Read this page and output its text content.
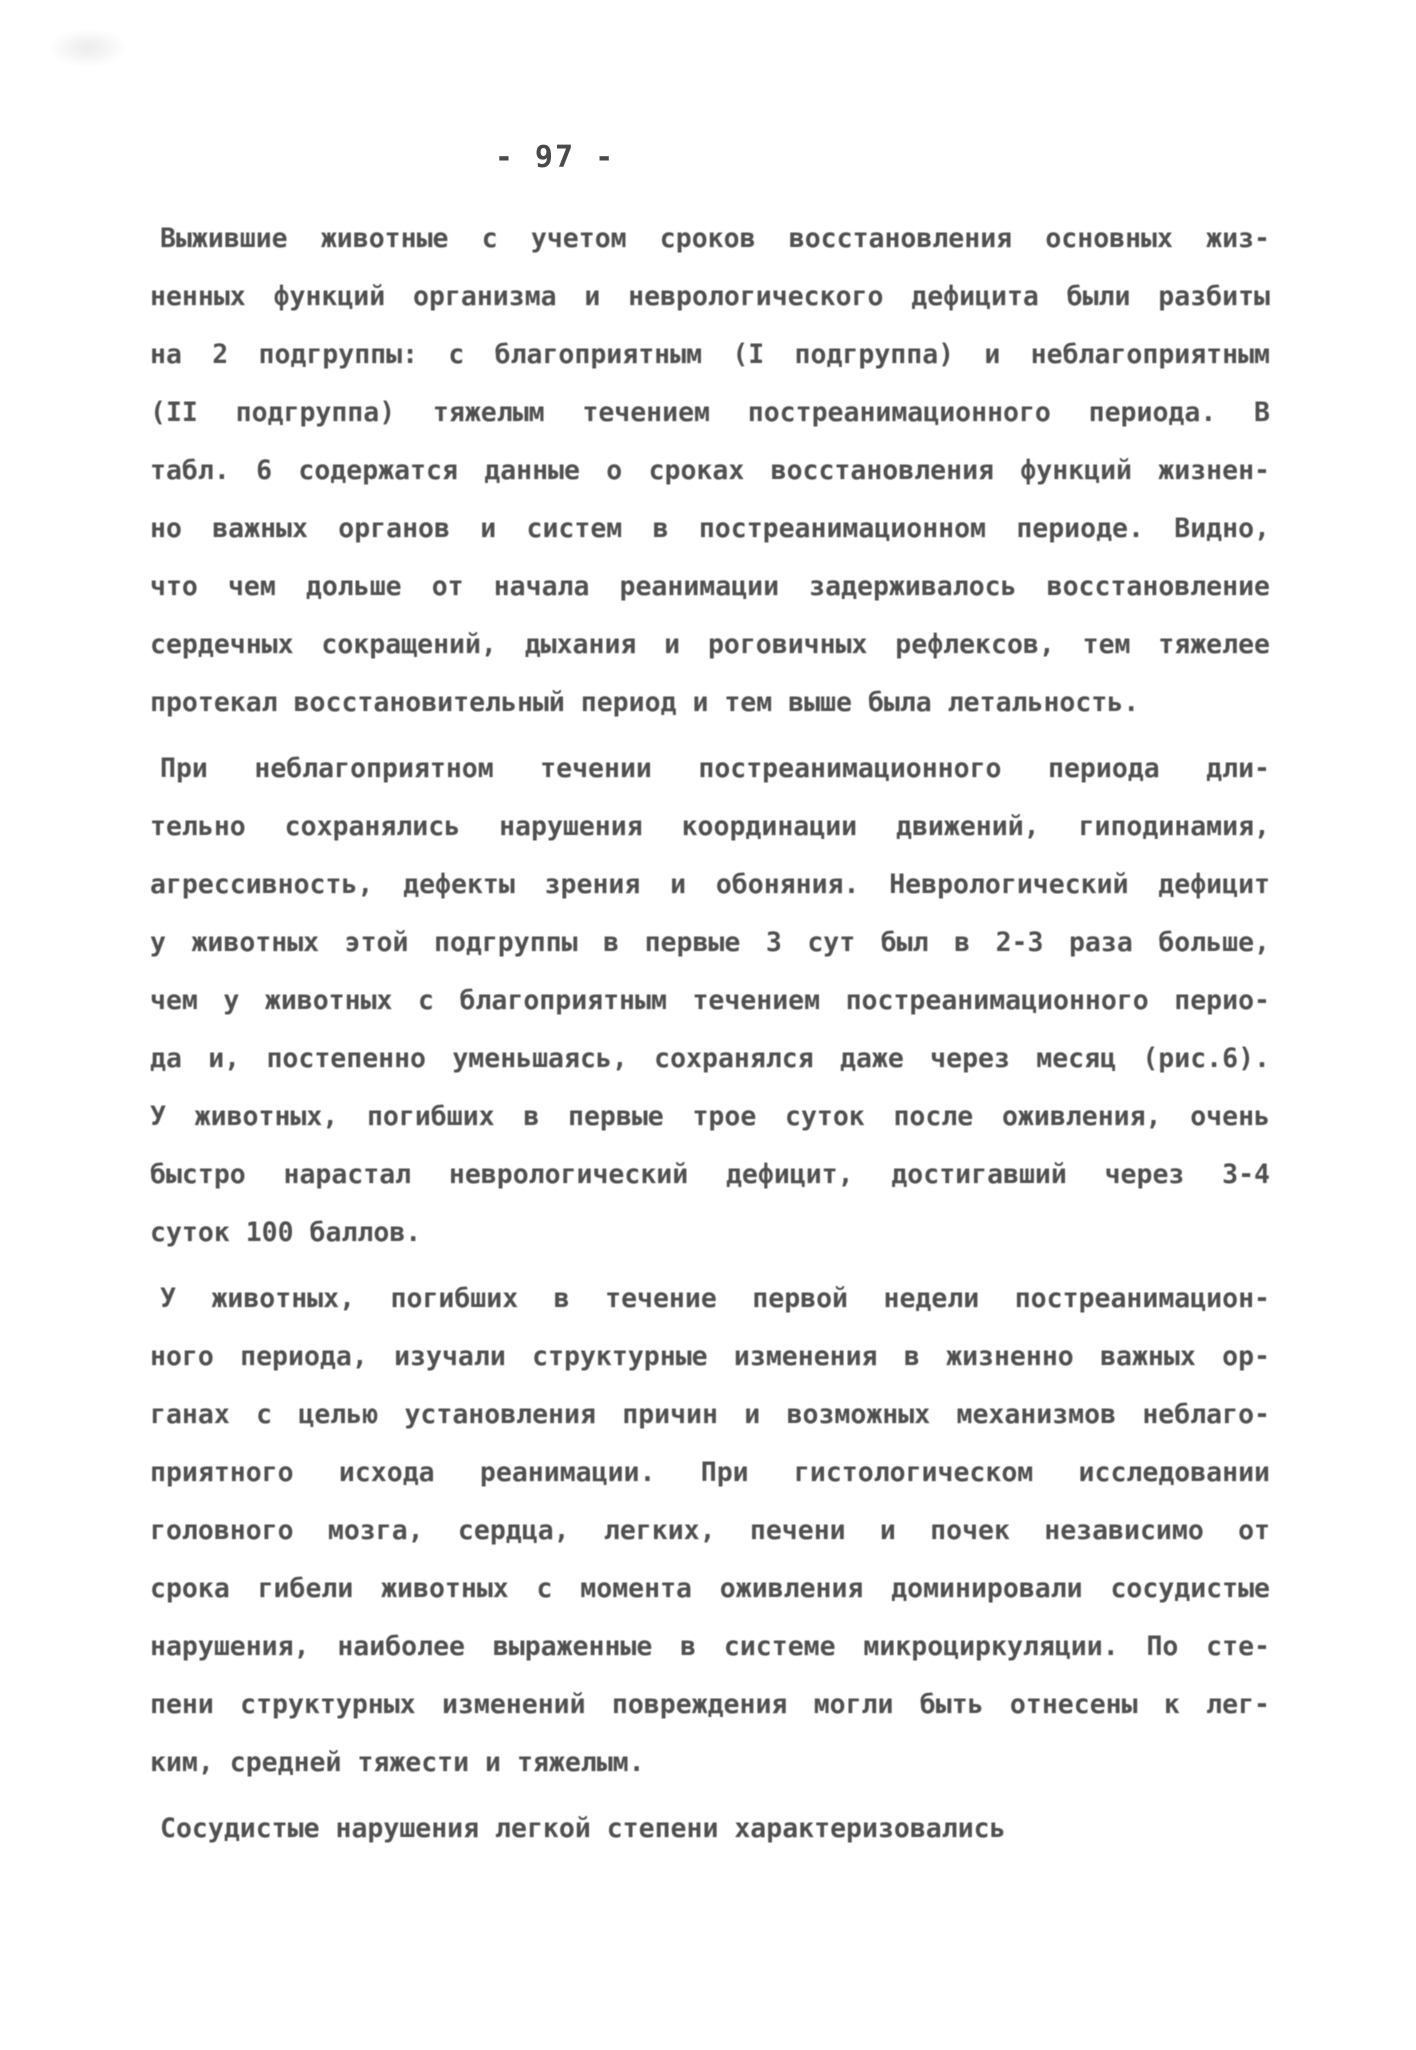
- 97 -
Выжившие животные с учетом сроков восстановления основных жиз-
ненных функций организма и неврологического дефицита были разбиты
на 2 подгруппы: с благоприятным (I подгруппа) и неблагоприятным
(II подгруппа) тяжелым течением постреанимационного периода. В
табл. 6 содержатся данные о сроках восстановления функций жизнен-
но важных органов и систем в постреанимационном периоде. Видно,
что чем дольше от начала реанимации задерживалось восстановление
сердечных сокращений, дыхания и роговичных рефлексов, тем тяжелее
протекал восстановительный период и тем выше была летальность.
При неблагоприятном течении постреанимационного периода дли-
тельно сохранялись нарушения координации движений, гиподинамия,
агрессивность, дефекты зрения и обоняния. Неврологический дефицит
у животных этой подгруппы в первые 3 сут был в 2-3 раза больше,
чем у животных с благоприятным течением постреанимационного перио-
да и, постепенно уменьшаясь, сохранялся даже через месяц (рис.6).
У животных, погибших в первые трое суток после оживления, очень
быстро нарастал неврологический дефицит, достигавший через 3-4
суток 100 баллов.
У животных, погибших в течение первой недели постреанимацион-
ного периода, изучали структурные изменения в жизненно важных ор-
ганах с целью установления причин и возможных механизмов неблаго-
приятного исхода реанимации. При гистологическом исследовании
головного мозга, сердца, легких, печени и почек независимо от
срока гибели животных с момента оживления доминировали сосудистые
нарушения, наиболее выраженные в системе микроциркуляции. По сте-
пени структурных изменений повреждения могли быть отнесены к лег-
ким, средней тяжести и тяжелым.
Сосудистые нарушения легкой степени характеризовались
